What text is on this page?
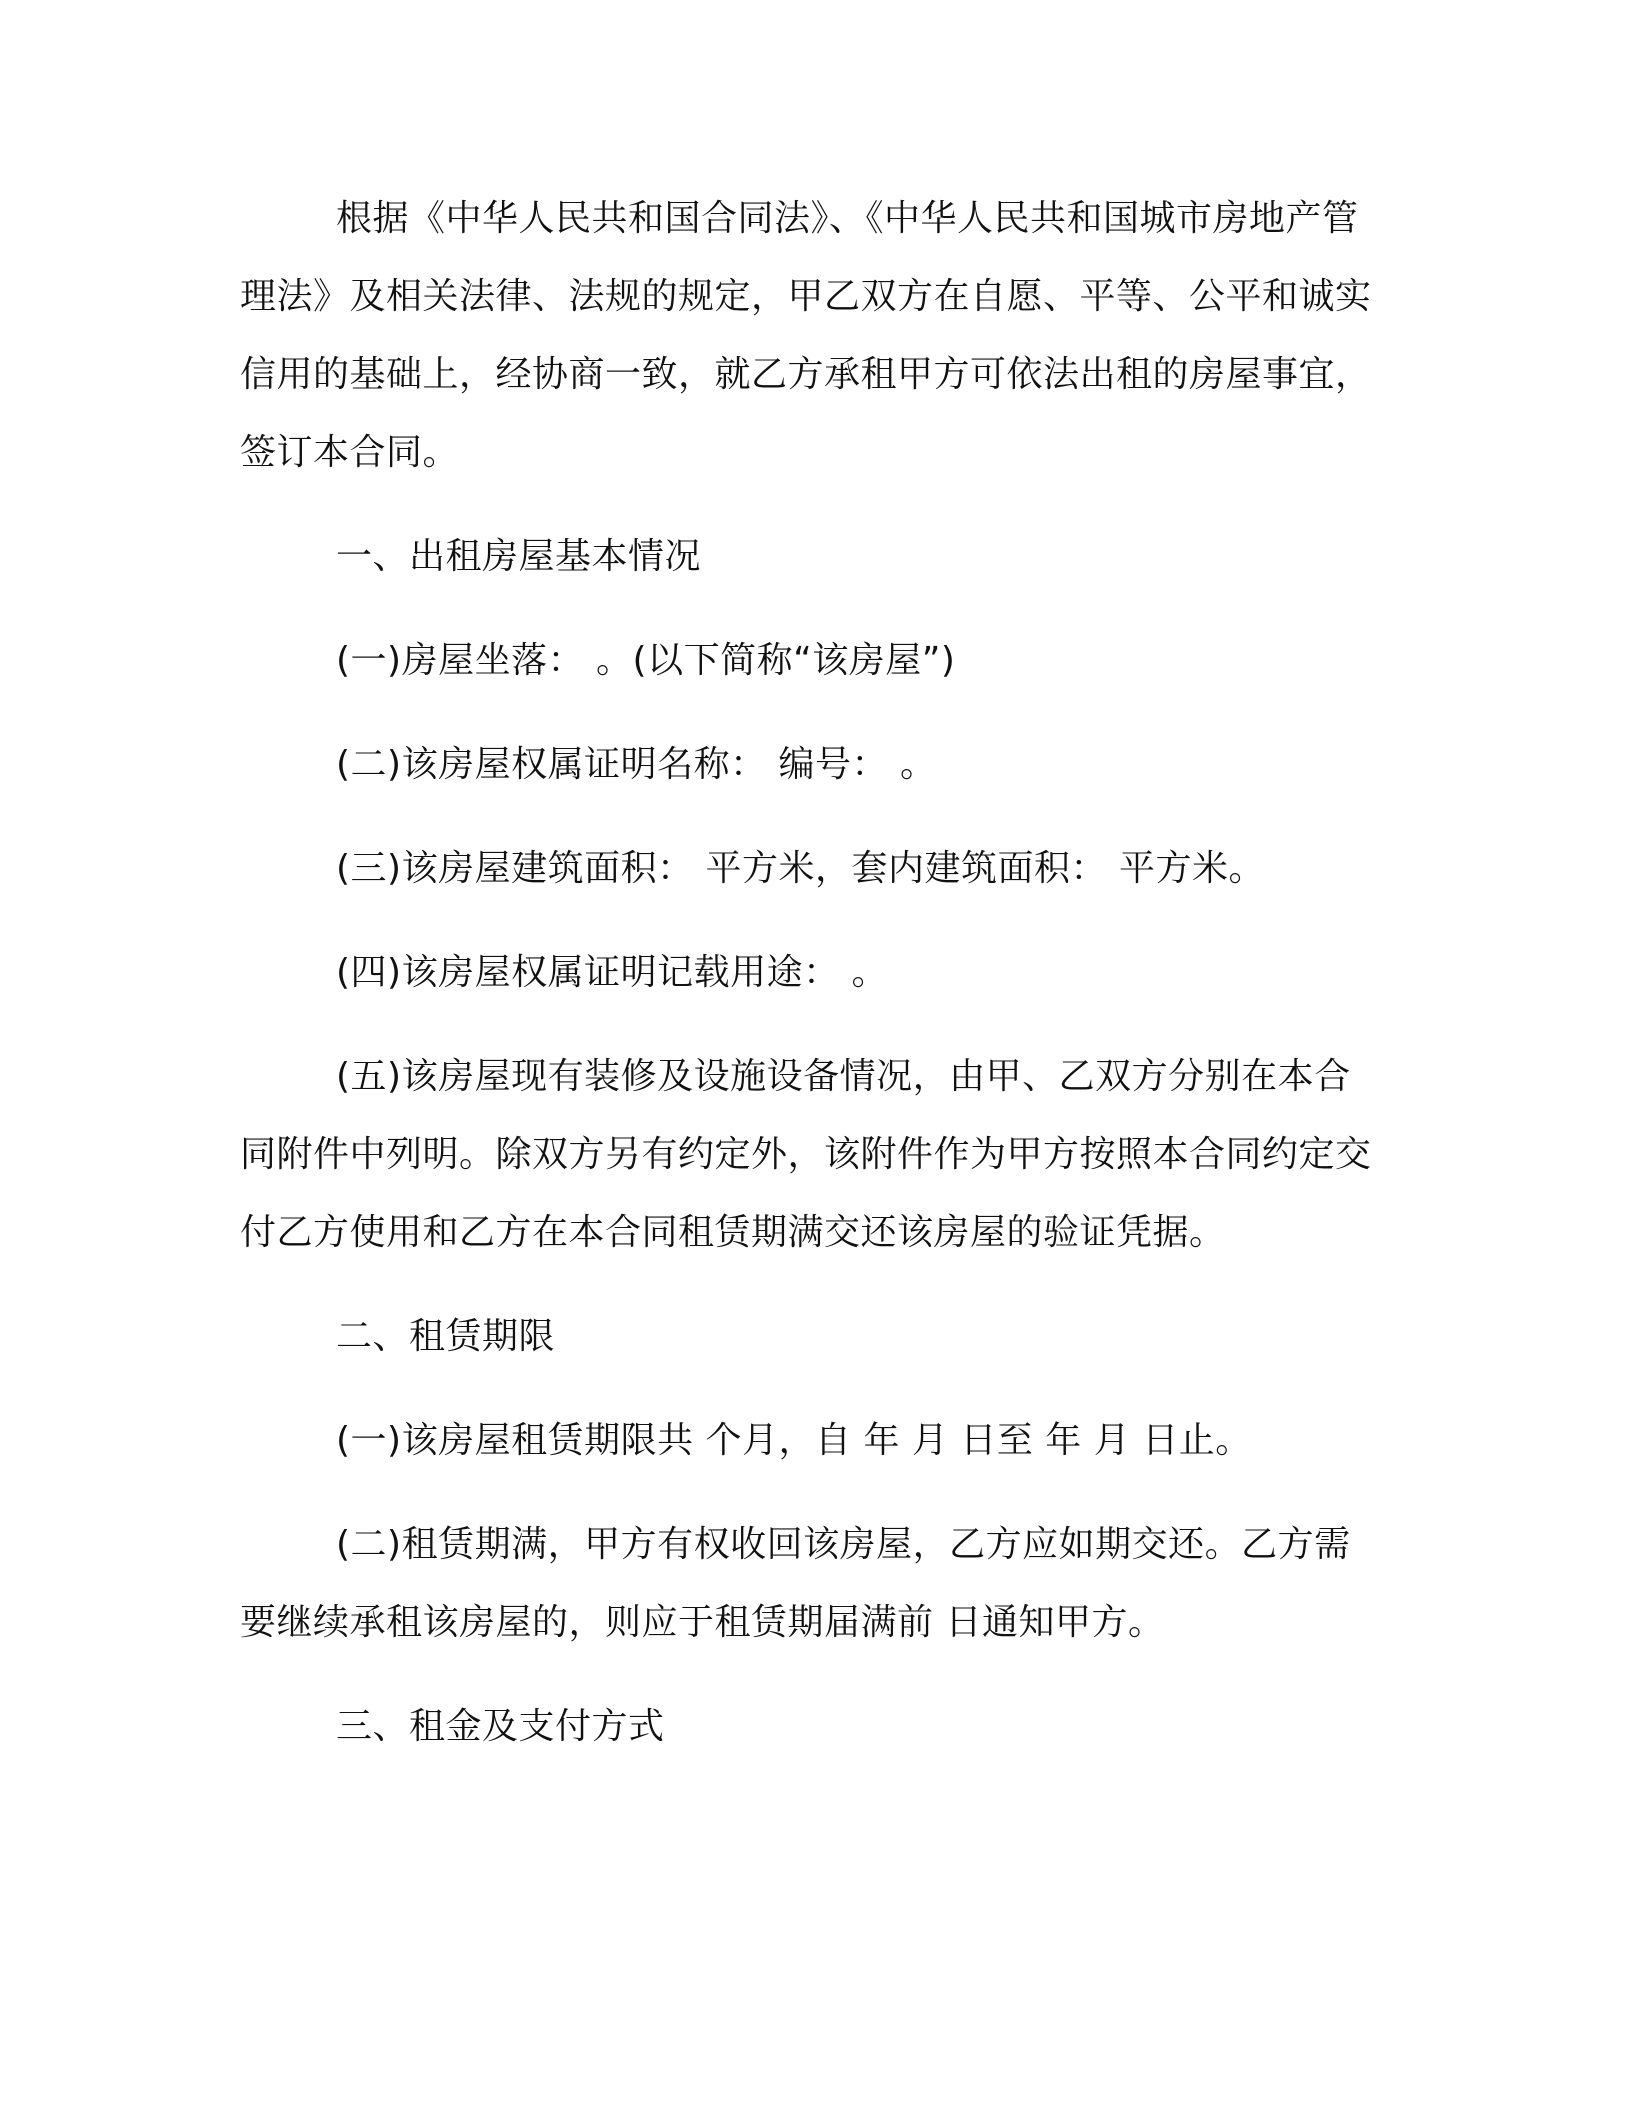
根据《中华人民共和国合同法》、《中华人民共和国城市房地产管理法》及相关法律、法规的规定，甲乙双方在自愿、平等、公平和诚实信用的基础上，经协商一致，就乙方承租甲方可依法出租的房屋事宜，签订本合同。

一、出租房屋基本情况

(一)房屋坐落： 。(以下简称“该房屋”)

(二)该房屋权属证明名称： 编号： 。

(三)该房屋建筑面积： 平方米，套内建筑面积： 平方米。

(四)该房屋权属证明记载用途： 。

(五)该房屋现有装修及设施设备情况，由甲、乙双方分别在本合同附件中列明。除双方另有约定外，该附件作为甲方按照本合同约定交付乙方使用和乙方在本合同租赁期满交还该房屋的验证凭据。

二、租赁期限

(一)该房屋租赁期限共 个月，自 年 月 日至 年 月 日止。

(二)租赁期满，甲方有权收回该房屋，乙方应如期交还。乙方需要继续承租该房屋的，则应于租赁期届满前 日通知甲方。

三、租金及支付方式
